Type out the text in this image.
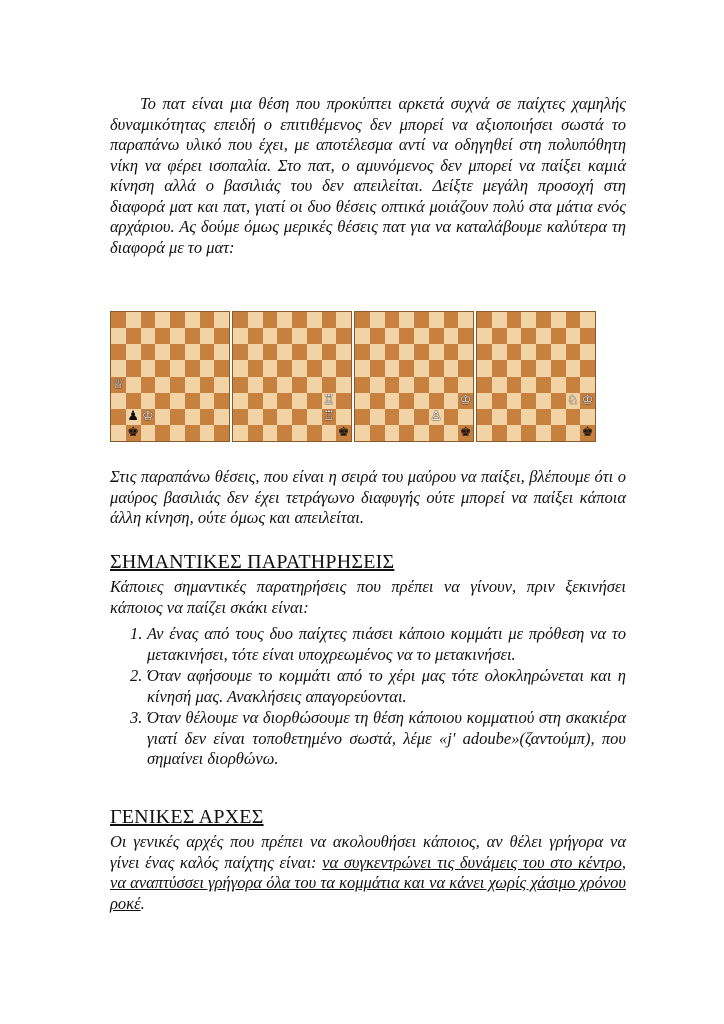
Το πατ είναι μια θέση που προκύπτει αρκετά συχνά σε παίχτες χαμηλής δυναμικότητας επειδή ο επιτιθέμενος δεν μπορεί να αξιοποιήσει σωστά το παραπάνω υλικό που έχει, με αποτέλεσμα αντί να οδηγηθεί στη πολυπόθητη νίκη να φέρει ισοπαλία. Στο πατ, ο αμυνόμενος δεν μπορεί να παίξει καμιά κίνηση αλλά ο βασιλιάς του δεν απειλείται. Δείξτε μεγάλη προσοχή στη διαφορά ματ και πατ, γιατί οι δυο θέσεις οπτικά μοιάζουν πολύ στα μάτια ενός αρχάριου. Ας δούμε όμως μερικές θέσεις πατ για να καταλάβουμε καλύτερα τη διαφορά με το ματ:

♕
♟ ♔
♚
♖
♖
♚
♔
♙
♚
♘ ♔
♚

Στις παραπάνω θέσεις, που είναι η σειρά του μαύρου να παίξει, βλέπουμε ότι ο μαύρος βασιλιάς δεν έχει τετράγωνο διαφυγής ούτε μπορεί να παίξει κάποια άλλη κίνηση, ούτε όμως και απειλείται.

ΣΗΜΑΝΤΙΚΕΣ ΠΑΡΑΤΗΡΗΣΕΙΣ

Κάποιες σημαντικές παρατηρήσεις που πρέπει να γίνουν, πριν ξεκινήσει κάποιος να παίζει σκάκι είναι:

1. Αν ένας από τους δυο παίχτες πιάσει κάποιο κομμάτι με πρόθεση να το μετακινήσει, τότε είναι υποχρεωμένος να το μετακινήσει.
2. Όταν αφήσουμε το κομμάτι από το χέρι μας τότε ολοκληρώνεται και η κίνησή μας. Ανακλήσεις απαγορεύονται.
3. Όταν θέλουμε να διορθώσουμε τη θέση κάποιου κομματιού στη σκακιέρα γιατί δεν είναι τοποθετημένο σωστά, λέμε «j' adoube»(ζαντούμπ), που σημαίνει διορθώνω.
ΓΕΝΙΚΕΣ ΑΡΧΕΣ

Οι γενικές αρχές που πρέπει να ακολουθήσει κάποιος, αν θέλει γρήγορα να γίνει ένας καλός παίχτης είναι: να συγκεντρώνει τις δυνάμεις του στο κέντρο, να αναπτύσσει γρήγορα όλα του τα κομμάτια και να κάνει χωρίς χάσιμο χρόνου ροκέ.
